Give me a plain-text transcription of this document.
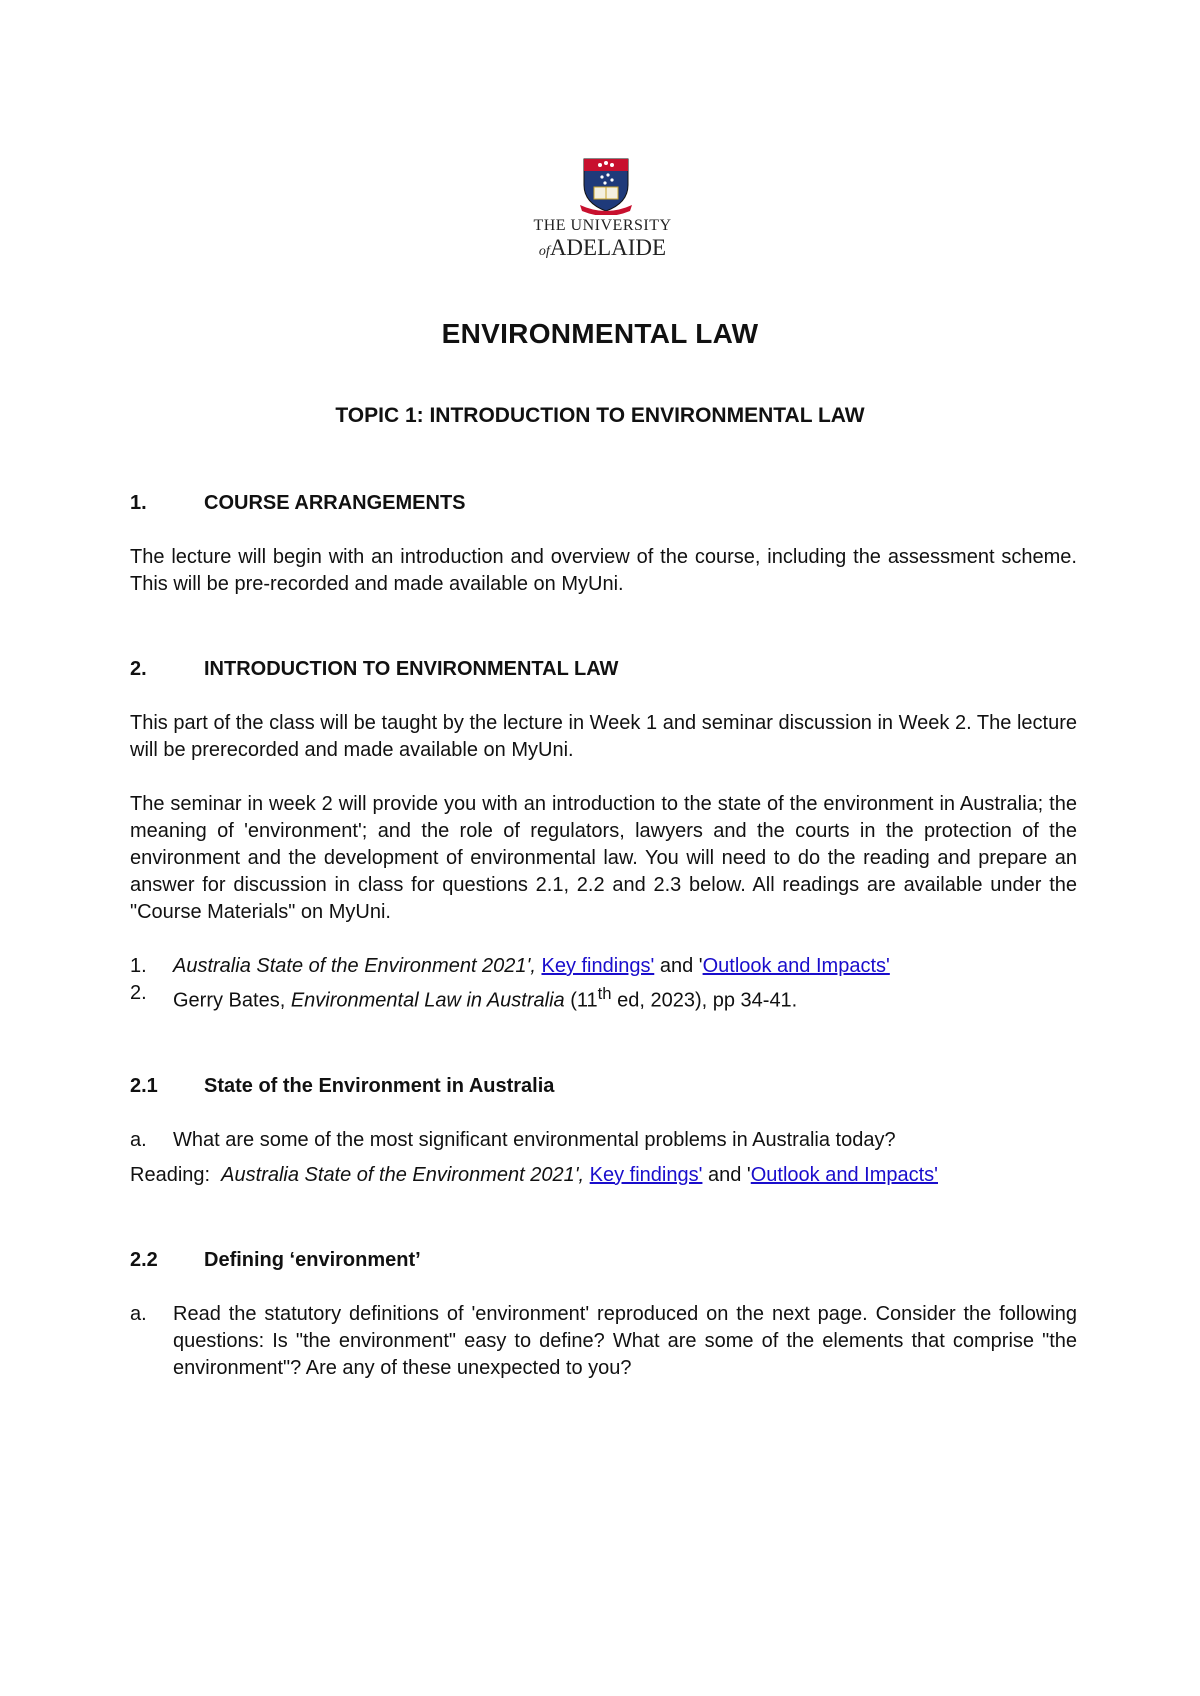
THE UNIVERSITY
ofADELAIDE
ENVIRONMENTAL LAW
TOPIC 1: INTRODUCTION TO ENVIRONMENTAL LAW
1.	COURSE ARRANGEMENTS

The lecture will begin with an introduction and overview of the course, including the assessment scheme. This will be pre-recorded and made available on MyUni.

2.	INTRODUCTION TO ENVIRONMENTAL LAW

This part of the class will be taught by the lecture in Week 1 and seminar discussion in Week 2. The lecture will be prerecorded and made available on MyUni.

The seminar in week 2 will provide you with an introduction to the state of the environment in Australia; the meaning of 'environment'; and the role of regulators, lawyers and the courts in the protection of the environment and the development of environmental law. You will need to do the reading and prepare an answer for discussion in class for questions 2.1, 2.2 and 2.3 below. All readings are available under the "Course Materials" on MyUni.

1.	Australia State of the Environment 2021', Key findings' and 'Outlook and Impacts'
2.	Gerry Bates, Environmental Law in Australia (11th ed, 2023), pp 34-41.
2.1	State of the Environment in Australia
a.	What are some of the most significant environmental problems in Australia today?
Reading:  Australia State of the Environment 2021', Key findings' and 'Outlook and Impacts'
2.2	Defining ‘environment’
a.	Read the statutory definitions of 'environment' reproduced on the next page. Consider the following questions: Is "the environment" easy to define? What are some of the elements that comprise "the environment"? Are any of these unexpected to you?
